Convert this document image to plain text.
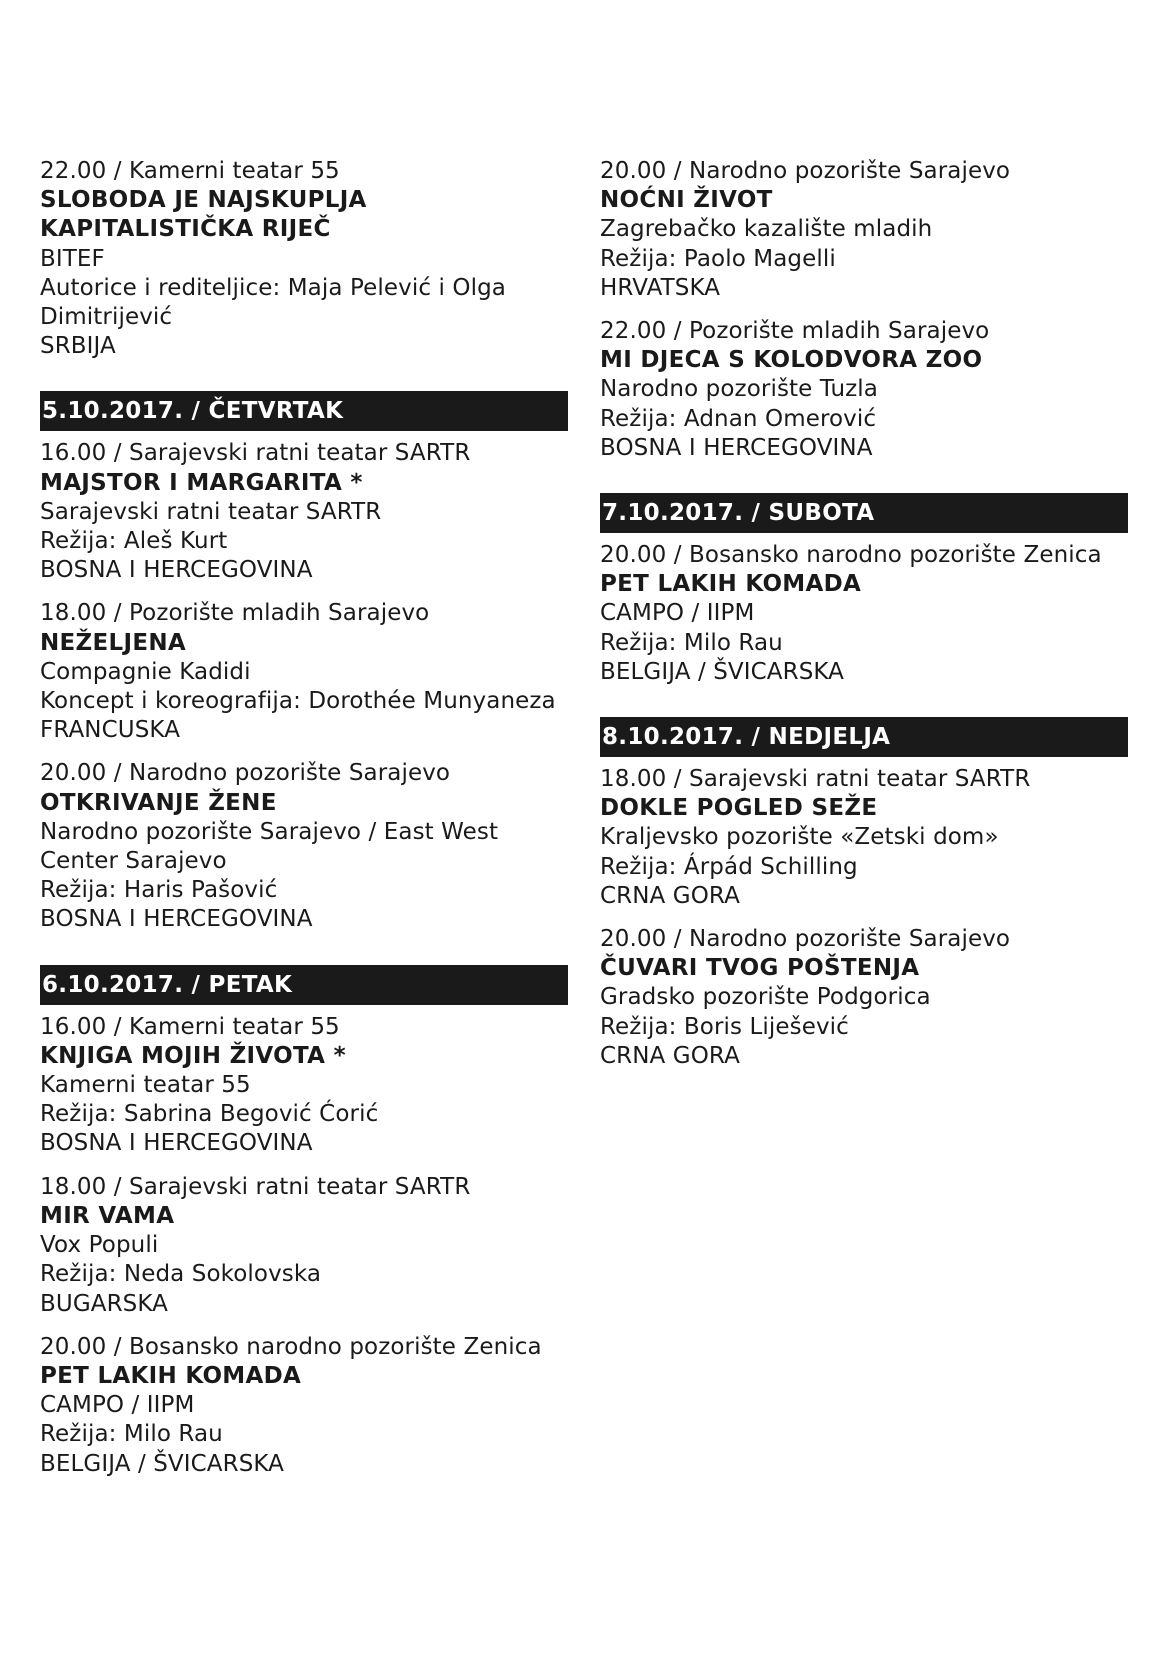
22.00 / Kamerni teatar 55
SLOBODA JE NAJSKUPLJA KAPITALISTIČKA RIJEČ
BITEF
Autorice i rediteljice: Maja Pelević i Olga Dimitrijević
SRBIJA
5.10.2017. / ČETVRTAK
16.00 / Sarajevski ratni teatar SARTR
MAJSTOR I MARGARITA *
Sarajevski ratni teatar SARTR
Režija: Aleš Kurt
BOSNA I HERCEGOVINA
18.00 / Pozorište mladih Sarajevo
NEŽELJENA
Compagnie Kadidi
Koncept i koreografija: Dorothée Munyaneza
FRANCUSKA
20.00 / Narodno pozorište Sarajevo
OTKRIVANJE ŽENE
Narodno pozorište Sarajevo / East West Center Sarajevo
Režija: Haris Pašović
BOSNA I HERCEGOVINA
6.10.2017. / PETAK
16.00 / Kamerni teatar 55
KNJIGA MOJIH ŽIVOTA *
Kamerni teatar 55
Režija: Sabrina Begović Ćorić
BOSNA I HERCEGOVINA
18.00 / Sarajevski ratni teatar SARTR
MIR VAMA
Vox Populi
Režija: Neda Sokolovska
BUGARSKA
20.00 / Bosansko narodno pozorište Zenica
PET LAKIH KOMADA
CAMPO / IIPM
Režija: Milo Rau
BELGIJA / ŠVICARSKA
20.00 / Narodno pozorište Sarajevo
NOĆNI ŽIVOT
Zagrebačko kazalište mladih
Režija: Paolo Magelli
HRVATSKA
22.00 / Pozorište mladih Sarajevo
MI DJECA S KOLODVORA ZOO
Narodno pozorište Tuzla
Režija: Adnan Omerović
BOSNA I HERCEGOVINA
7.10.2017. / SUBOTA
20.00 / Bosansko narodno pozorište Zenica
PET LAKIH KOMADA
CAMPO / IIPM
Režija: Milo Rau
BELGIJA / ŠVICARSKA
8.10.2017. / NEDJELJA
18.00 / Sarajevski ratni teatar SARTR
DOKLE POGLED SEŽE
Kraljevsko pozorište «Zetski dom»
Režija: Árpád Schilling
CRNA GORA
20.00 / Narodno pozorište Sarajevo
ČUVARI TVOG POŠTENJA
Gradsko pozorište Podgorica
Režija: Boris Liješević
CRNA GORA
